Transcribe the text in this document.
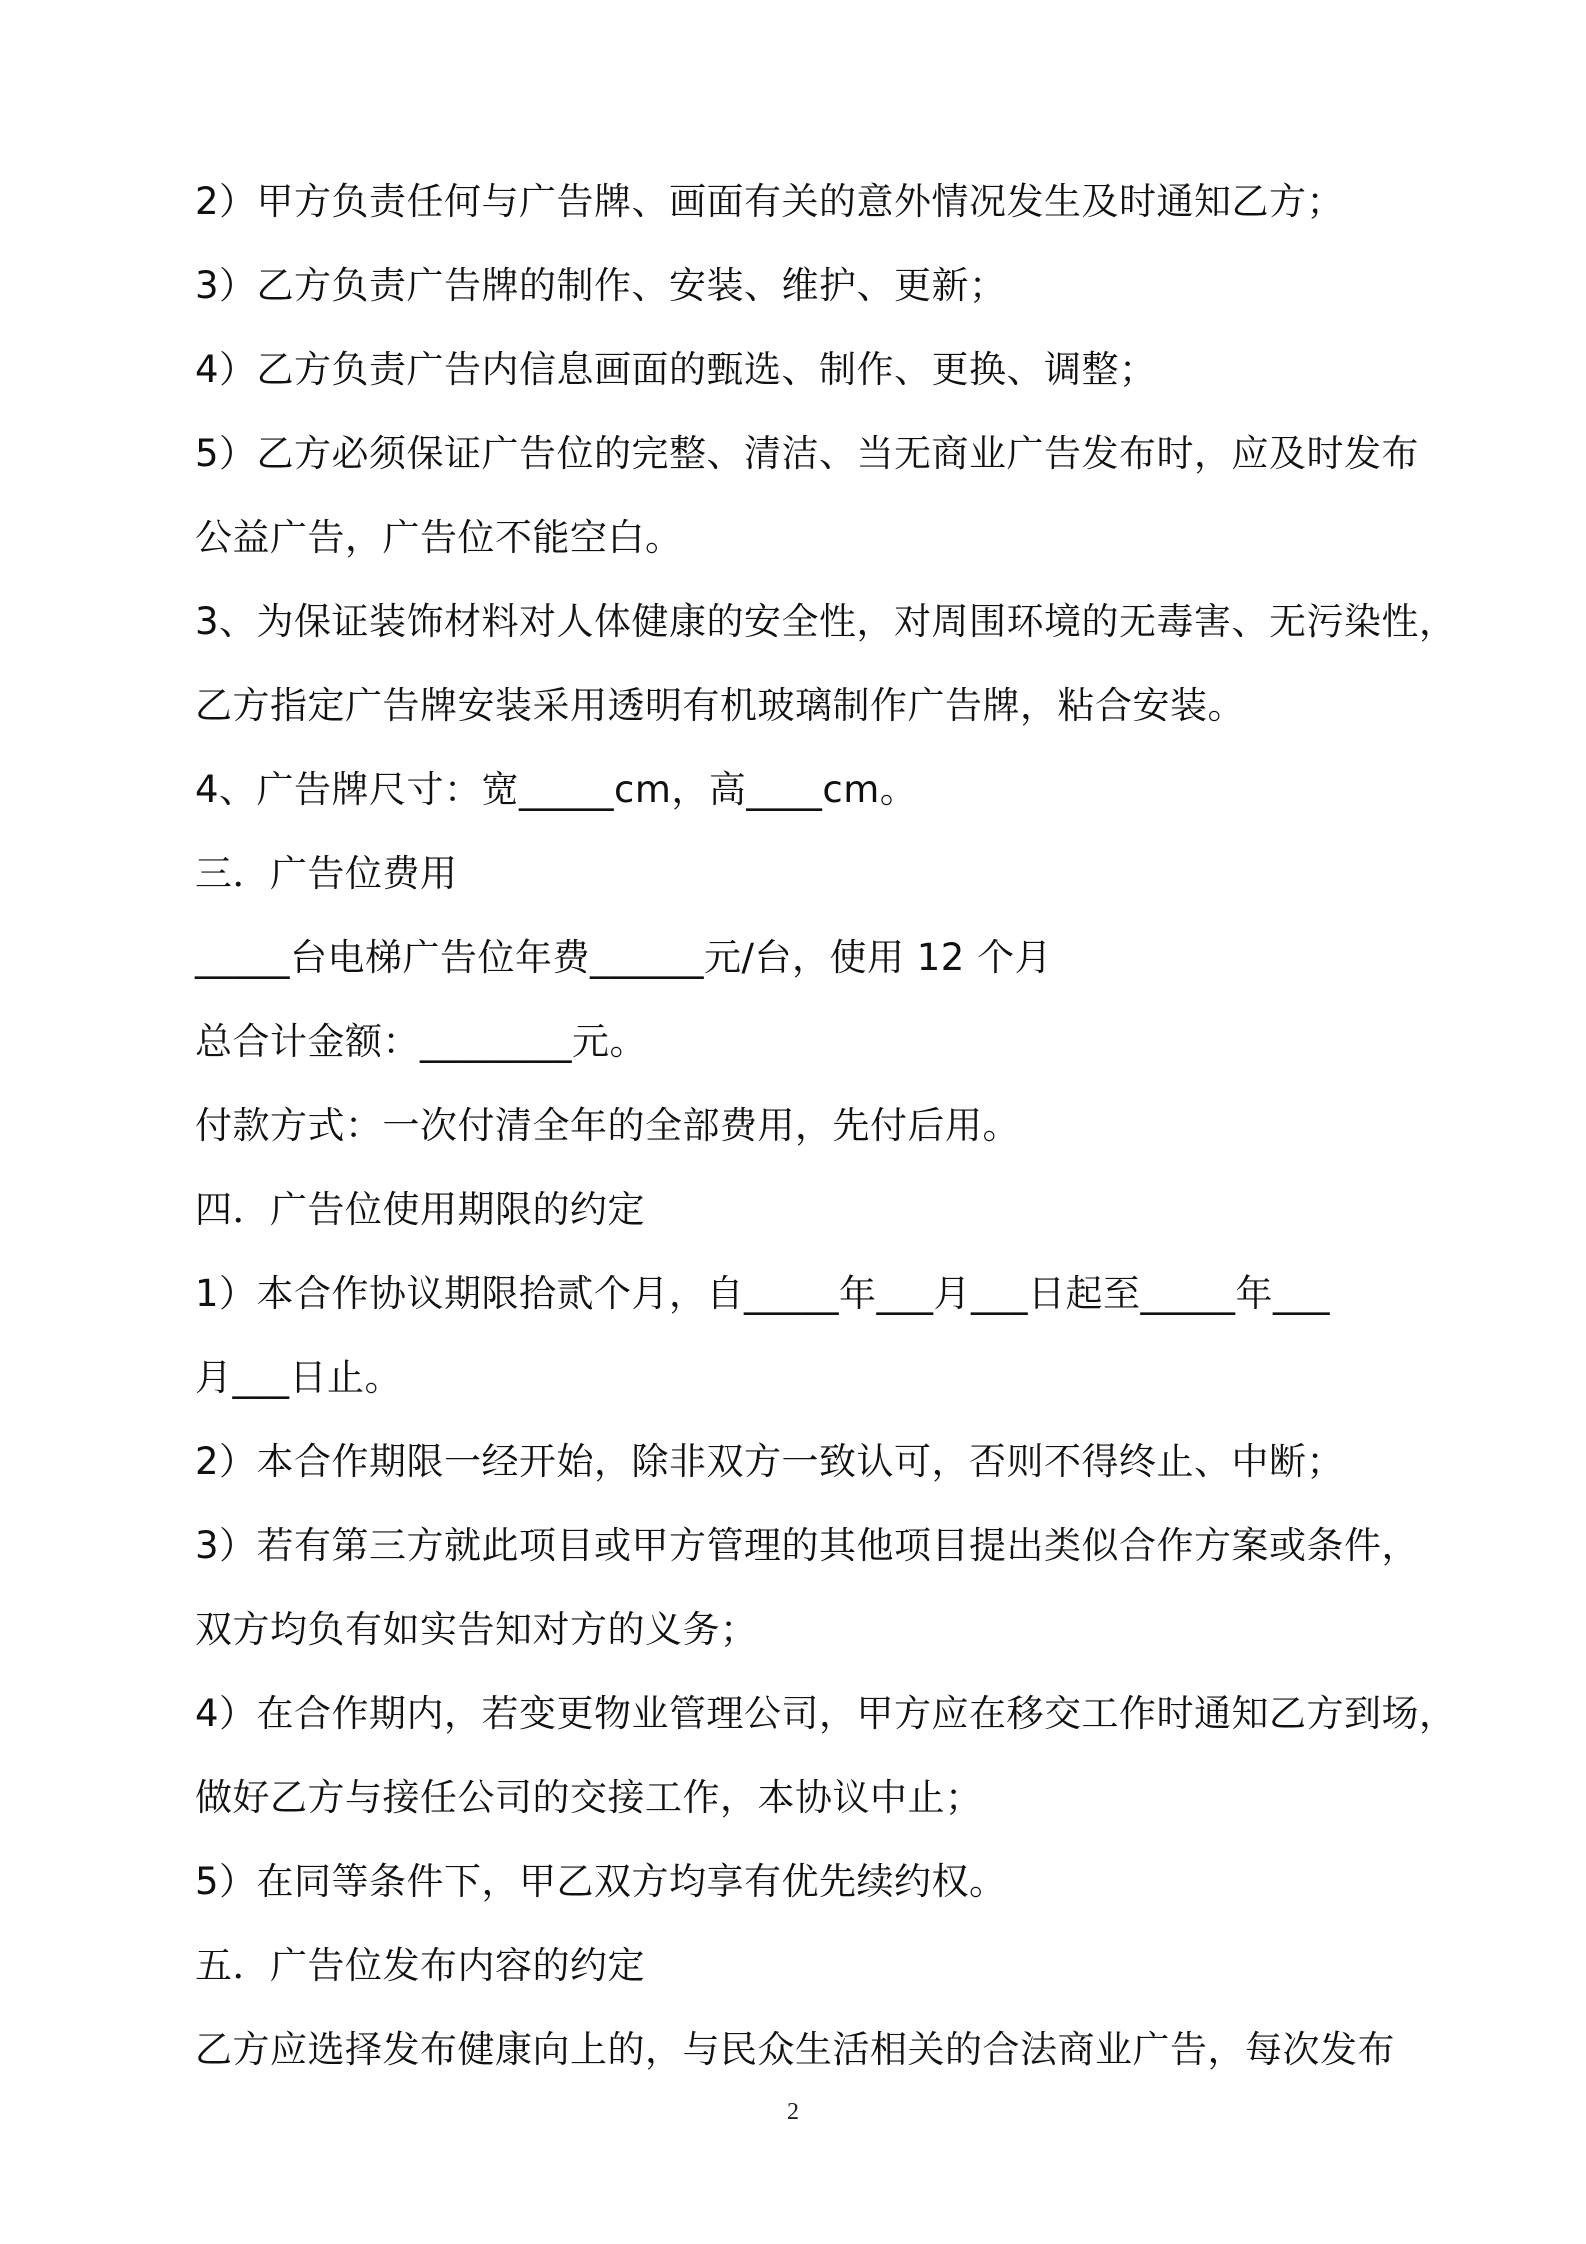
2）甲方负责任何与广告牌、画面有关的意外情况发生及时通知乙方；
3）乙方负责广告牌的制作、安装、维护、更新；
4）乙方负责广告内信息画面的甄选、制作、更换、调整；
5）乙方必须保证广告位的完整、清洁、当无商业广告发布时，应及时发布
公益广告，广告位不能空白。
3、为保证装饰材料对人体健康的安全性，对周围环境的无毒害、无污染性，
乙方指定广告牌安装采用透明有机玻璃制作广告牌，粘合安装。
4、广告牌尺寸：宽_____cm，高____cm。
三．广告位费用
_____台电梯广告位年费______元/台，使用 12 个月
总合计金额：________元。
付款方式：一次付清全年的全部费用，先付后用。
四．广告位使用期限的约定
1）本合作协议期限拾贰个月，自_____年___月___日起至_____年___
月___日止。
2）本合作期限一经开始，除非双方一致认可，否则不得终止、中断；
3）若有第三方就此项目或甲方管理的其他项目提出类似合作方案或条件，
双方均负有如实告知对方的义务；
4）在合作期内，若变更物业管理公司，甲方应在移交工作时通知乙方到场，
做好乙方与接任公司的交接工作，本协议中止；
5）在同等条件下，甲乙双方均享有优先续约权。
五．广告位发布内容的约定
乙方应选择发布健康向上的，与民众生活相关的合法商业广告，每次发布
2
